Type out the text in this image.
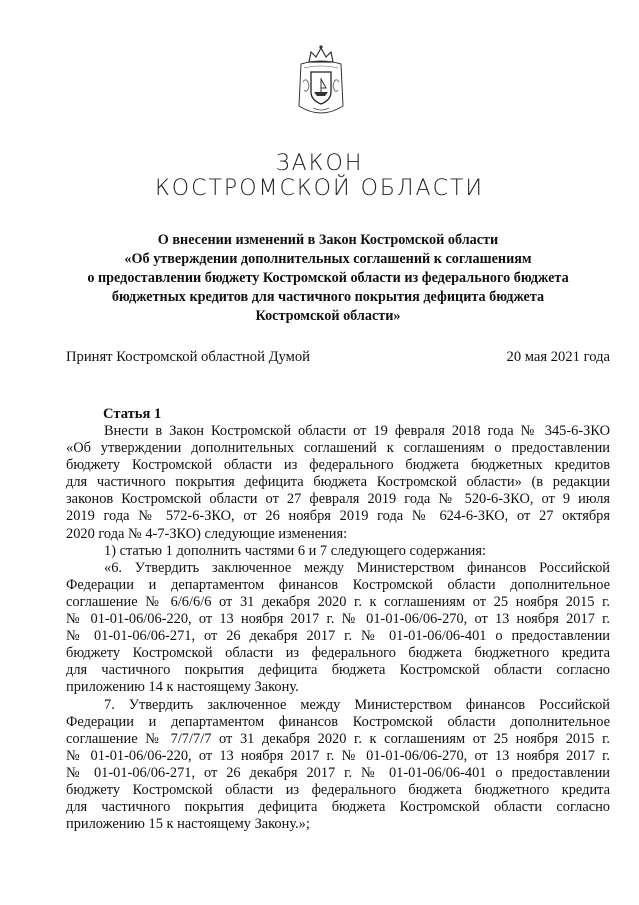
ЗАКОН
КОСТРОМСКОЙ ОБЛАСТИ
О внесении изменений в Закон Костромской области
«Об утверждении дополнительных соглашений к соглашениям
о предоставлении бюджету Костромской области из федерального бюджета
бюджетных кредитов для частичного покрытия дефицита бюджета
Костромской области»
Принят Костромской областной Думой	20 мая 2021 года
Статья 1
Внести в Закон Костромской области от 19 февраля 2018 года № 345-6-ЗКО
«Об утверждении дополнительных соглашений к соглашениям о предоставлении
бюджету Костромской области из федерального бюджета бюджетных кредитов
для частичного покрытия дефицита бюджета Костромской области» (в редакции
законов Костромской области от 27 февраля 2019 года № 520-6-ЗКО, от 9 июля
2019 года № 572-6-ЗКО, от 26 ноября 2019 года № 624-6-ЗКО, от 27 октября
2020 года № 4-7-ЗКО) следующие изменения:
1) статью 1 дополнить частями 6 и 7 следующего содержания:
«6. Утвердить заключенное между Министерством финансов Российской
Федерации и департаментом финансов Костромской области дополнительное
соглашение № 6/6/6/6 от 31 декабря 2020 г. к соглашениям от 25 ноября 2015 г.
№ 01-01-06/06-220, от 13 ноября 2017 г. № 01-01-06/06-270, от 13 ноября 2017 г.
№ 01-01-06/06-271, от 26 декабря 2017 г. № 01-01-06/06-401 о предоставлении
бюджету Костромской области из федерального бюджета бюджетного кредита
для частичного покрытия дефицита бюджета Костромской области согласно
приложению 14 к настоящему Закону.
7. Утвердить заключенное между Министерством финансов Российской
Федерации и департаментом финансов Костромской области дополнительное
соглашение № 7/7/7/7 от 31 декабря 2020 г. к соглашениям от 25 ноября 2015 г.
№ 01-01-06/06-220, от 13 ноября 2017 г. № 01-01-06/06-270, от 13 ноября 2017 г.
№ 01-01-06/06-271, от 26 декабря 2017 г. № 01-01-06/06-401 о предоставлении
бюджету Костромской области из федерального бюджета бюджетного кредита
для частичного покрытия дефицита бюджета Костромской области согласно
приложению 15 к настоящему Закону.»;
